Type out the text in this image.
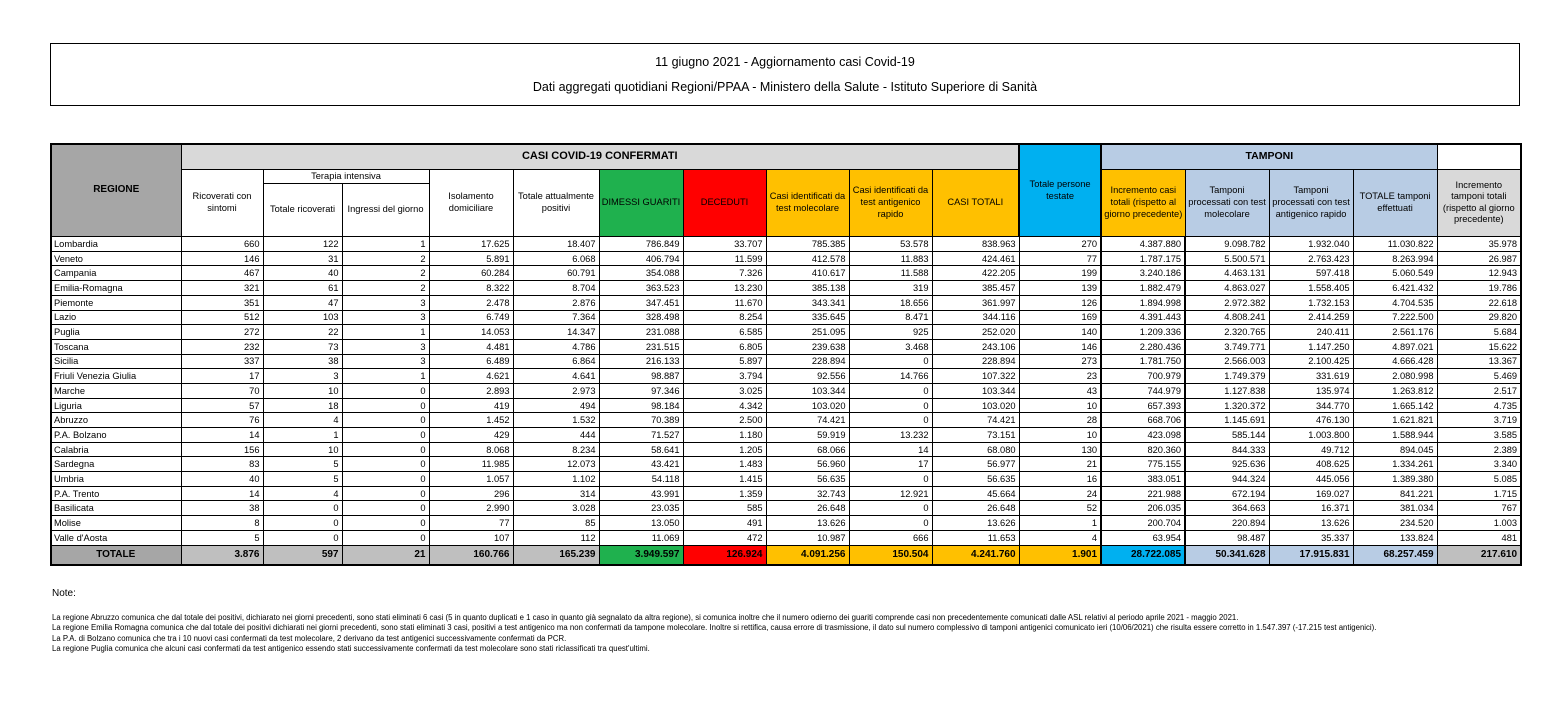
11 giugno 2021 - Aggiornamento casi Covid-19

Dati aggregati quotidiani Regioni/PPAA - Ministero della Salute - Istituto Superiore di Sanità

REGIONE	CASI COVID-19 CONFERMATI										Totale persone testate	TAMPONI				
	Ricoverati con sintomi	Terapia intensiva		Isolamento domiciliare	Totale attualmente positivi	DIMESSI GUARITI	DECEDUTI	Casi identificati da test molecolare	Casi identificati da test antigenico rapido	CASI TOTALI		Incremento casi totali (rispetto al giorno precedente)	Tamponi processati con test molecolare	Tamponi processati con test antigenico rapido	TOTALE tamponi effettuati	Incremento tamponi totali (rispetto al giorno precedente)
		Totale ricoverati	Ingressi del giorno													
Lombardia	660	122	1	17.625	18.407	786.849	33.707	785.385	53.578	838.963	270	4.387.880	9.098.782	1.932.040	11.030.822	35.978
Veneto	146	31	2	5.891	6.068	406.794	11.599	412.578	11.883	424.461	77	1.787.175	5.500.571	2.763.423	8.263.994	26.987
Campania	467	40	2	60.284	60.791	354.088	7.326	410.617	11.588	422.205	199	3.240.186	4.463.131	597.418	5.060.549	12.943
Emilia-Romagna	321	61	2	8.322	8.704	363.523	13.230	385.138	319	385.457	139	1.882.479	4.863.027	1.558.405	6.421.432	19.786
Piemonte	351	47	3	2.478	2.876	347.451	11.670	343.341	18.656	361.997	126	1.894.998	2.972.382	1.732.153	4.704.535	22.618
Lazio	512	103	3	6.749	7.364	328.498	8.254	335.645	8.471	344.116	169	4.391.443	4.808.241	2.414.259	7.222.500	29.820
Puglia	272	22	1	14.053	14.347	231.088	6.585	251.095	925	252.020	140	1.209.336	2.320.765	240.411	2.561.176	5.684
Toscana	232	73	3	4.481	4.786	231.515	6.805	239.638	3.468	243.106	146	2.280.436	3.749.771	1.147.250	4.897.021	15.622
Sicilia	337	38	3	6.489	6.864	216.133	5.897	228.894	0	228.894	273	1.781.750	2.566.003	2.100.425	4.666.428	13.367
Friuli Venezia Giulia	17	3	1	4.621	4.641	98.887	3.794	92.556	14.766	107.322	23	700.979	1.749.379	331.619	2.080.998	5.469
Marche	70	10	0	2.893	2.973	97.346	3.025	103.344	0	103.344	43	744.979	1.127.838	135.974	1.263.812	2.517
Liguria	57	18	0	419	494	98.184	4.342	103.020	0	103.020	10	657.393	1.320.372	344.770	1.665.142	4.735
Abruzzo	76	4	0	1.452	1.532	70.389	2.500	74.421	0	74.421	28	668.706	1.145.691	476.130	1.621.821	3.719
P.A. Bolzano	14	1	0	429	444	71.527	1.180	59.919	13.232	73.151	10	423.098	585.144	1.003.800	1.588.944	3.585
Calabria	156	10	0	8.068	8.234	58.641	1.205	68.066	14	68.080	130	820.360	844.333	49.712	894.045	2.389
Sardegna	83	5	0	11.985	12.073	43.421	1.483	56.960	17	56.977	21	775.155	925.636	408.625	1.334.261	3.340
Umbria	40	5	0	1.057	1.102	54.118	1.415	56.635	0	56.635	16	383.051	944.324	445.056	1.389.380	5.085
P.A. Trento	14	4	0	296	314	43.991	1.359	32.743	12.921	45.664	24	221.988	672.194	169.027	841.221	1.715
Basilicata	38	0	0	2.990	3.028	23.035	585	26.648	0	26.648	52	206.035	364.663	16.371	381.034	767
Molise	8	0	0	77	85	13.050	491	13.626	0	13.626	1	200.704	220.894	13.626	234.520	1.003
Valle d'Aosta	5	0	0	107	112	11.069	472	10.987	666	11.653	4	63.954	98.487	35.337	133.824	481
TOTALE	3.876	597	21	160.766	165.239	3.949.597	126.924	4.091.256	150.504	4.241.760	1.901	28.722.085	50.341.628	17.915.831	68.257.459	217.610

Note:

La regione Abruzzo comunica che dal totale dei positivi, dichiarato nei giorni precedenti, sono stati eliminati 6 casi (5 in quanto duplicati e 1 caso in quanto già segnalato da altra regione), si comunica inoltre che il numero odierno dei guariti comprende casi non precedentemente comunicati dalle ASL relativi al periodo aprile 2021 - maggio 2021.

La regione Emilia Romagna comunica che dal totale dei positivi dichiarati nei giorni precedenti, sono stati eliminati 3 casi, positivi a test antigenico ma non confermati da tampone molecolare. Inoltre si rettifica, causa errore di trasmissione, il dato sul numero complessivo di tamponi antigenici comunicato ieri (10/06/2021) che risulta essere corretto in 1.547.397 (-17.215 test antigenici).

La P.A. di Bolzano comunica che tra i 10 nuovi casi confermati da test molecolare, 2 derivano da test antigenici successivamente confermati da PCR.

La regione Puglia comunica che alcuni casi confermati da test antigenico essendo stati successivamente confermati da test molecolare sono stati riclassificati tra quest'ultimi.
